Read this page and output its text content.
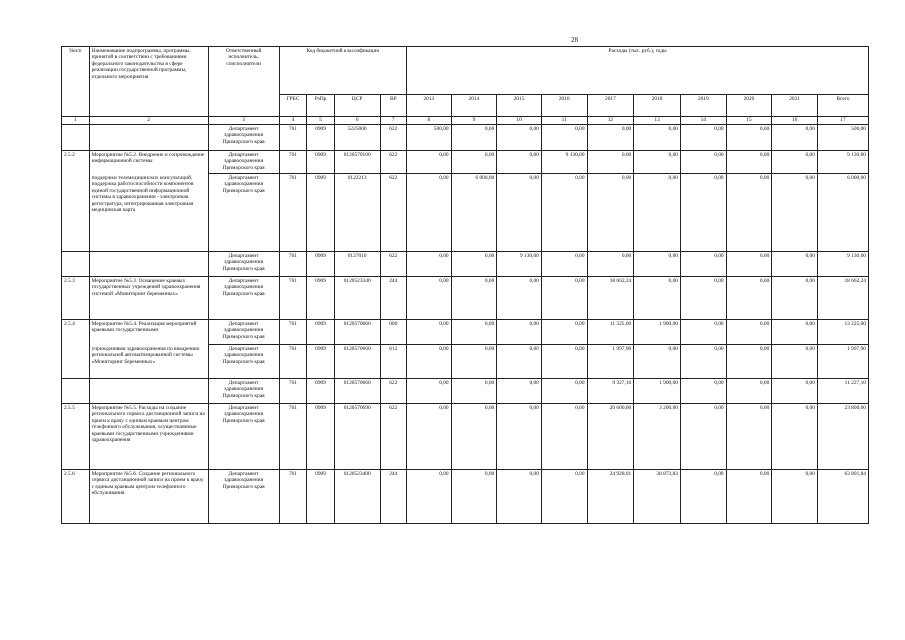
28
№п/п	Наименование подпрограммы, программы, принятой в соответствии с требованиями федерального законодательства в сфере реализации государственной программы, отдельного мероприятия	Ответственный исполнитель, соисполнители	Код бюджетной классификации				Расходы (тыс. руб.), годы									
			ГРБС	РзПр	ЦСР	ВР	2013	2014	2015	2016	2017	2018	2019	2020	2021	Всего
1	2	3	4	5	6	7	8	9	10	11	12	13	14	15	16	17
		Департамент здравоохранения Приморского края	761	0909	5225000	622	500,00	0,00	0,00	0,00	0,00	0,00	0,00	0,00	0,00	500,00
2.5.2	Мероприятие №5.2. Внедрение и сопровождение информационной системы	Департамент здравоохранения Приморского края	761	0909	0120570100	622	0,00	0,00	0,00	9 130,00	0,00	0,00	0,00	0,00	0,00	9 130,00
	поддержки телемедицинских консультаций, поддержка работоспособности компонентов единой государственной информационной системы в здравоохранении - электронная регистратура, интегрированная электронная медицинская карта	Департамент здравоохранения Приморского края	761	0909	0122213	622	0,00	6 000,00	0,00	0,00	0,00	0,00	0,00	0,00	0,00	6 000,00
		Департамент здравоохранения Приморского края	761	0909	0127010	622	0,00	0,00	9 130,00	0,00	0,00	0,00	0,00	0,00	0,00	9 130,00
2.5.3	Мероприятие №5.3. Оснащение краевых государственных учреждений здравоохранения системой «Мониторинг беременных»	Департамент здравоохранения Приморского края	761	0909	0120523340	244	0,00	0,00	0,00	0,00	18 662,24	0,00	0,00	0,00	0,00	18 662,24
2.5.4	Мероприятие №5.4. Реализация мероприятий краевыми государственными	Департамент здравоохранения Приморского края	761	0909	0120570660	000	0,00	0,00	0,00	0,00	11 325,00	1 900,00	0,00	0,00	0,00	13 225,00
	учреждениями здравоохранения по внедрению региональной автоматизированной системы «Мониторинг беременных»	Департамент здравоохранения Приморского края	761	0909	0120570660	612	0,00	0,00	0,00	0,00	1 997,90	0,00	0,00	0,00	0,00	1 997,90
		Департамент здравоохранения Приморского края	761	0909	0120570660	622	0,00	0,00	0,00	0,00	9 327,10	1 900,00	0,00	0,00	0,00	11 227,10
2.5.5	Мероприятие №5.5. Расходы на создание регионального сервиса дистанционной записи на прием к врачу с единым краевым центром телефонного обслуживания, осуществляемые краевыми государственными учреждениями здравоохранения	Департамент здравоохранения Приморского края	761	0909	0120570690	622	0,00	0,00	0,00	0,00	20 600,00	3 200,00	0,00	0,00	0,00	23 800,00
2.5.6	Мероприятие №5.6. Создание регионального сервиса дистанционной записи на прием к врачу с единым краевым центром телефонного обслуживания	Департамент здравоохранения Приморского края	761	0909	0120523400	244	0,00	0,00	0,00	0,00	24 928,01	38 873,83	0,00	0,00	0,00	63 801,84
